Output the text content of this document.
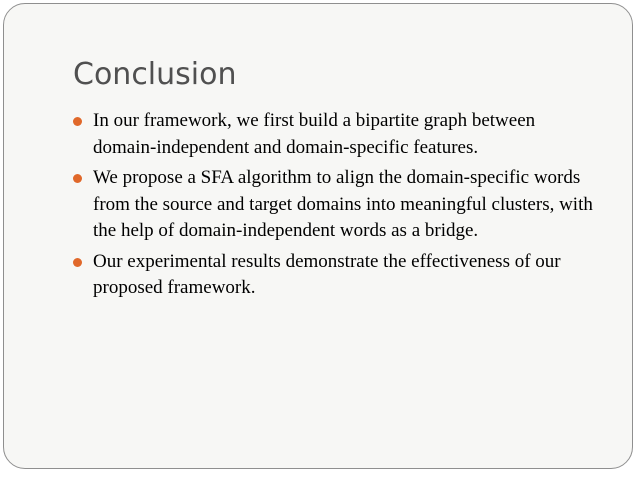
Conclusion
In our framework, we first build a bipartite graph between domain-independent and domain-specific features.
We propose a SFA algorithm to align the domain-specific words from the source and target domains into meaningful clusters, with the help of domain-independent words as a bridge.
Our experimental results demonstrate the effectiveness of our proposed framework.
